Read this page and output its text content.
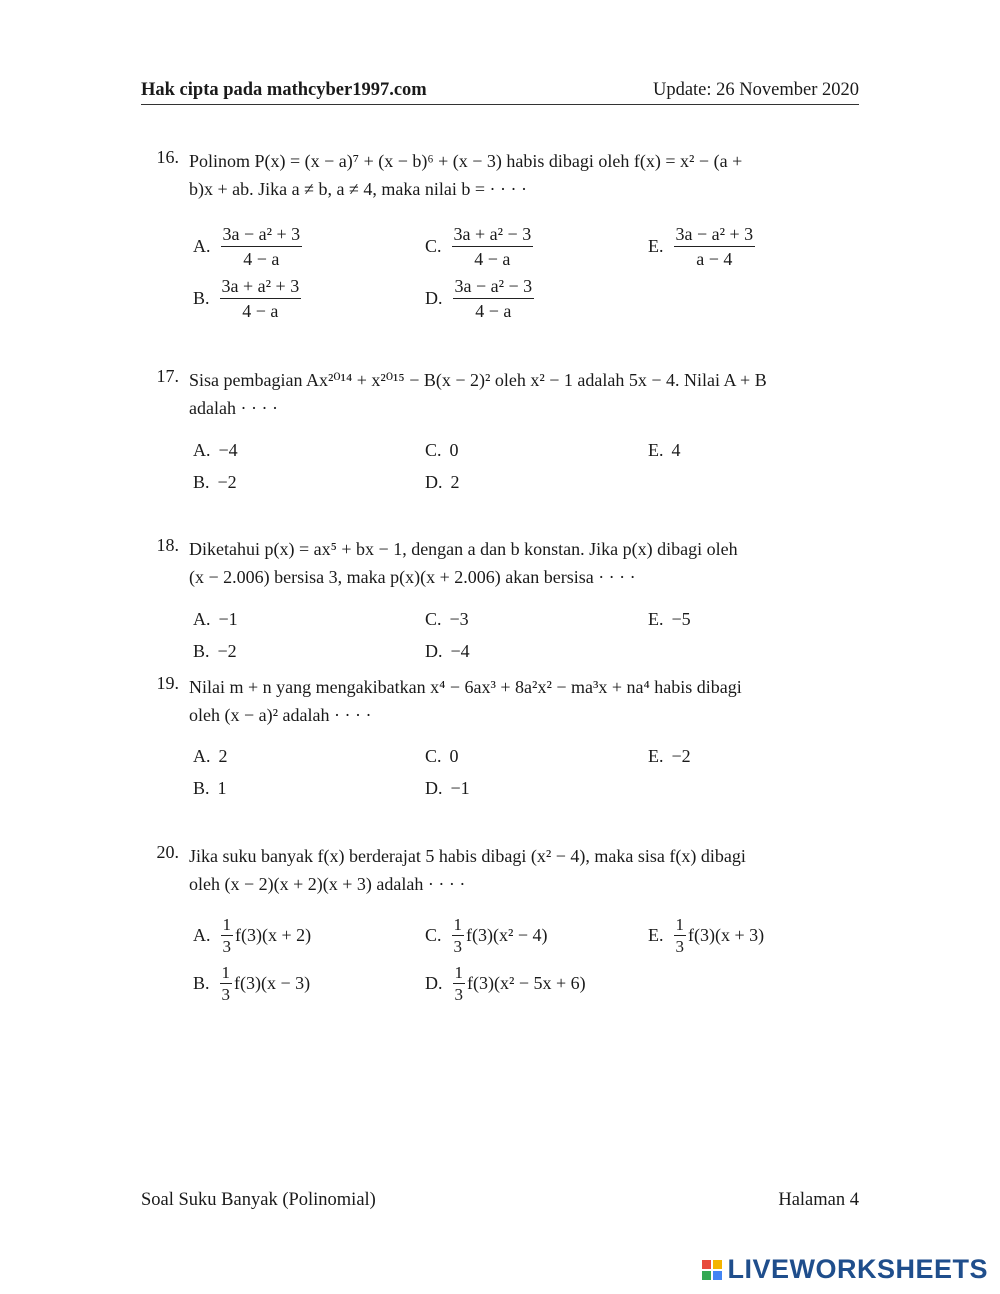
Hak cipta pada mathcyber1997.com	Update: 26 November 2020
16. Polinom P(x) = (x − a)⁷ + (x − b)⁶ + (x − 3) habis dibagi oleh f(x) = x² − (a +
b)x + ab. Jika a ≠ b, a ≠ 4, maka nilai b = · · · ·
A. $\frac{\text{3a − a² + 3}}{4 - a}$
B. $\frac{\text{3a + a² + 3}}{4 - a}$
C. $\frac{\text{3a + a² − 3}}{4 - a}$
D. $\frac{\text{3a − a² − 3}}{4 - a}$
E. $\frac{\text{3a − a² + 3}}{a - 4}$
17. Sisa pembagian Ax²⁰¹⁴ + x²⁰¹⁵ − B(x − 2)² oleh x² − 1 adalah 5x − 4. Nilai A + B
adalah · · · ·
A. −4
B. −2
C. 0
D. 2
E. 4
18. Diketahui p(x) = ax⁵ + bx − 1, dengan a dan b konstan. Jika p(x) dibagi oleh
(x − 2.006) bersisa 3, maka p(x)(x + 2.006) akan bersisa · · · ·
A. −1
B. −2
C. −3
D. −4
E. −5
19. Nilai m + n yang mengakibatkan x⁴ − 6ax³ + 8a²x² − ma³x + na⁴ habis dibagi
oleh (x − a)² adalah · · · ·
A. 2
B. 1
C. 0
D. −1
E. −2
20. Jika suku banyak f(x) berderajat 5 habis dibagi (x² − 4), maka sisa f(x) dibagi
oleh (x − 2)(x + 2)(x + 3) adalah · · · ·
A. $\frac{1}{3} f(3)(x + 2)$
B. $\frac{1}{3} f(3)(x - 3)$
C. $\frac{1}{3} f(3)(x^2 - 4)$
D. $\frac{1}{3} f(3)(x^2 - 5x + 6)$
E. $\frac{1}{3} f(3)(x + 3)$
Soal Suku Banyak (Polinomial)	Halaman 4
LIVEWORKSHEETS
